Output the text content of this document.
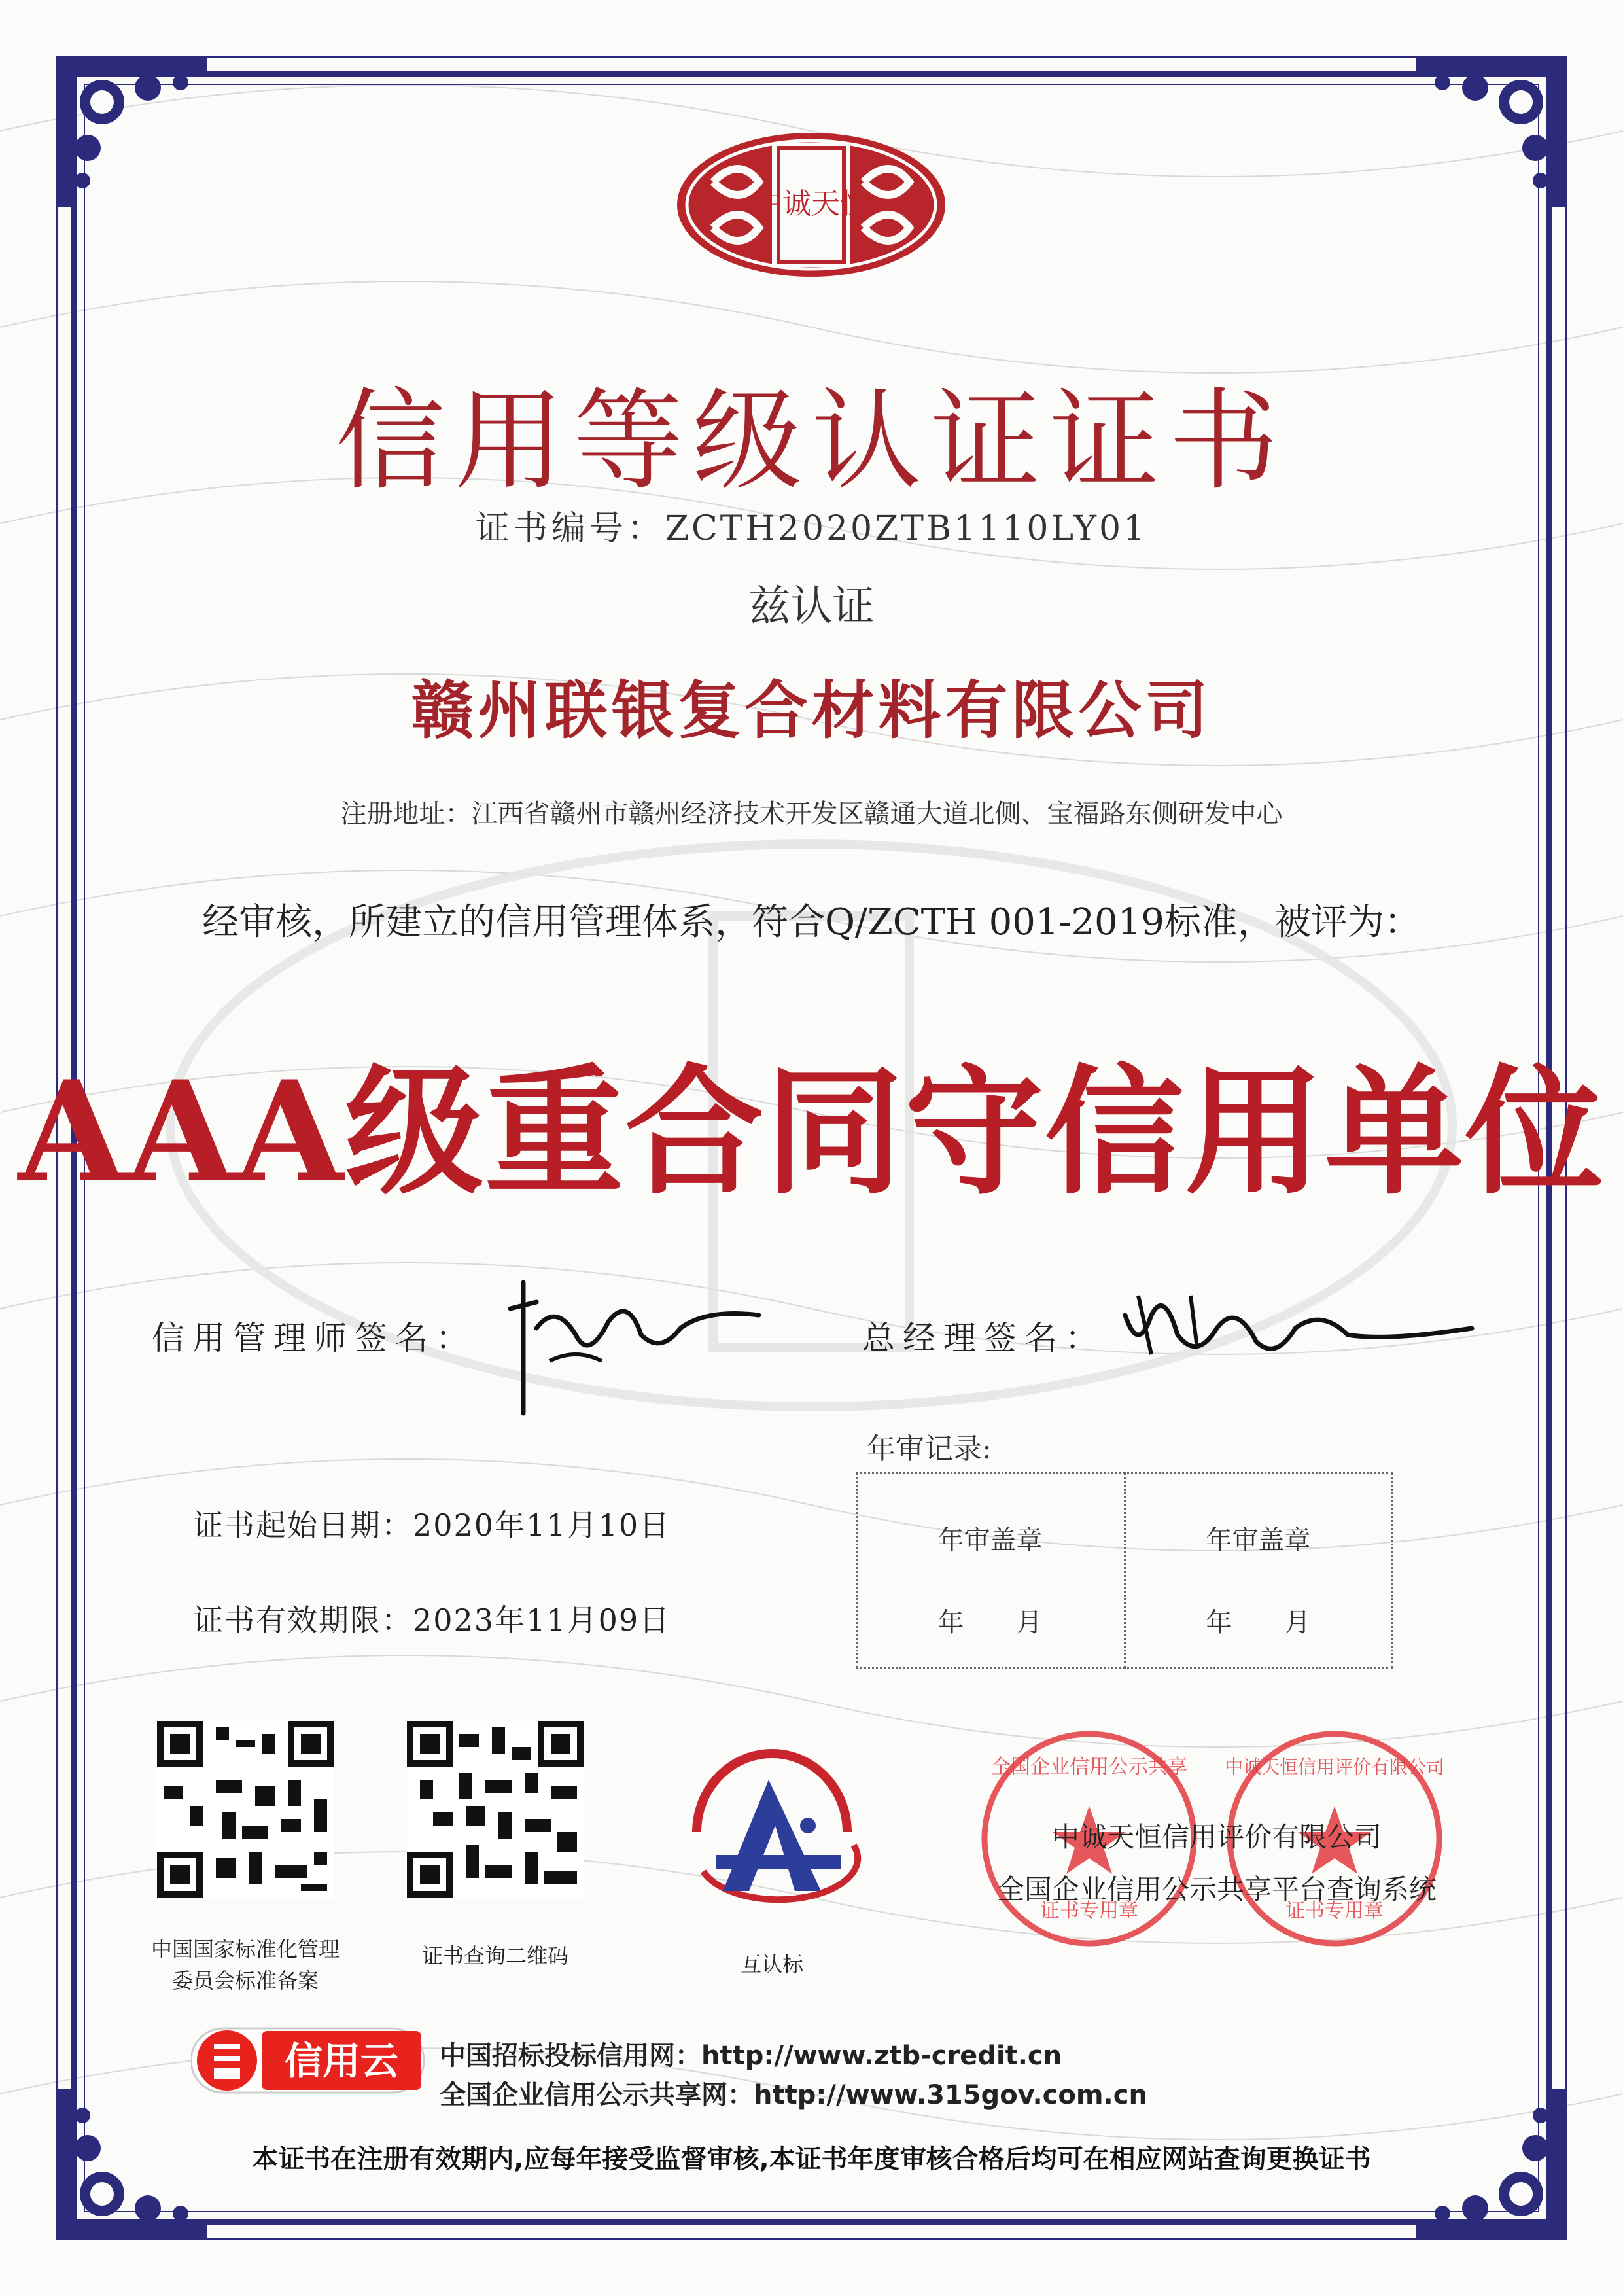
中诚天恒
信用等级认证证书
证书编号：ZCTH2020ZTB1110LY01
兹认证
赣州联银复合材料有限公司
注册地址：江西省赣州市赣州经济技术开发区赣通大道北侧、宝福路东侧研发中心
经审核，所建立的信用管理体系，符合Q/ZCTH 001-2019标准，被评为：
AAA级重合同守信用单位
信用管理师签名：	总经理签名：
证书起始日期：2020年11月10日
证书有效期限：2023年11月09日
年审记录:
年审盖章
年　　月
年审盖章
年　　月
中国国家标准化管理
委员会标准备案
证书查询二维码	互认标
全国企业信用公示共享
证书专用章
中诚天恒信用评价有限公司
证书专用章
中诚天恒信用评价有限公司
全国企业信用公示共享平台查询系统
信用云 中国招标投标信用网：http://www.ztb-credit.cn
全国企业信用公示共享网：http://www.315gov.com.cn
本证书在注册有效期内,应每年接受监督审核,本证书年度审核合格后均可在相应网站查询更换证书
